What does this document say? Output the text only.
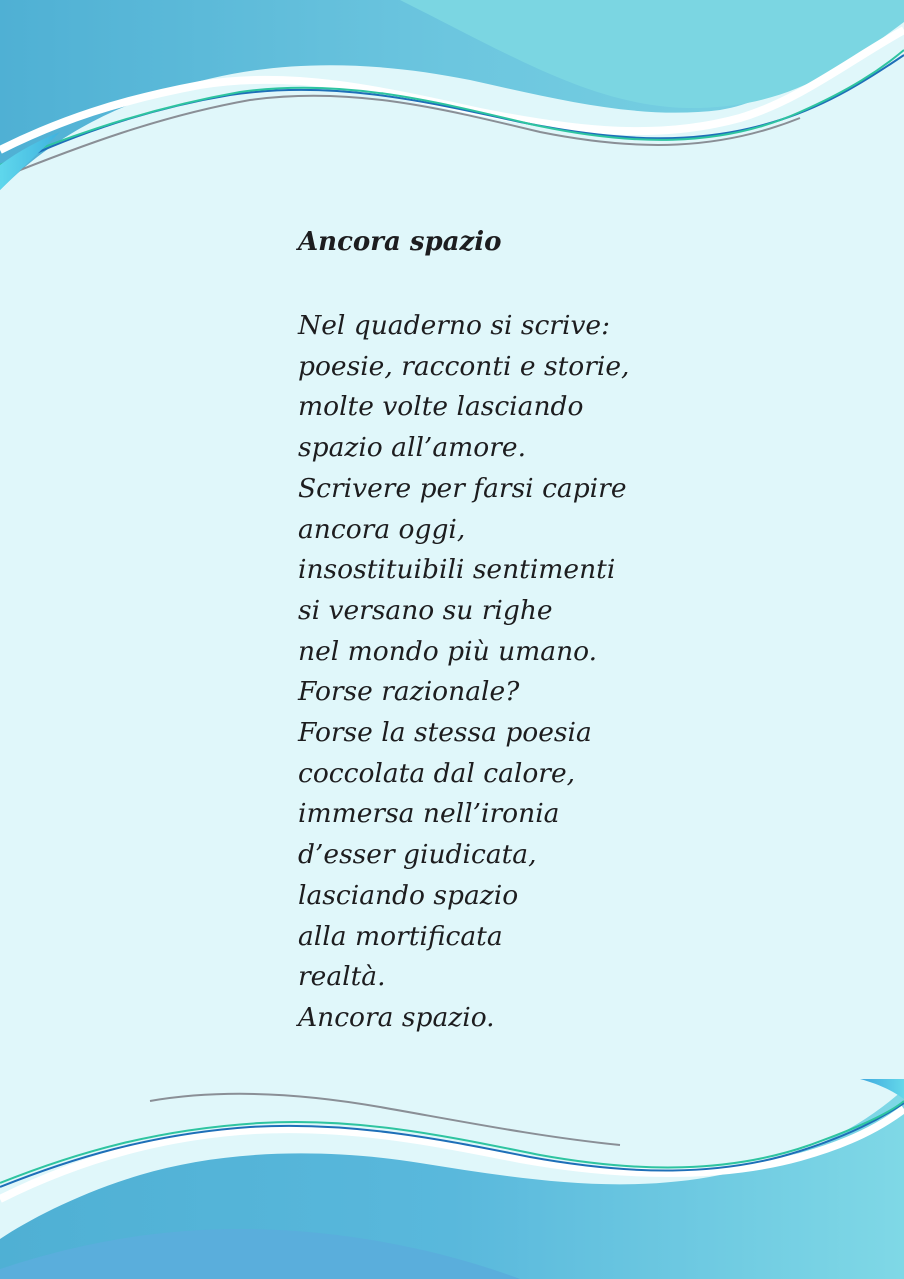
Ancora spazio
Nel quaderno si scrive:
poesie, racconti e storie,
molte volte lasciando
spazio all’amore.
Scrivere per farsi capire
ancora oggi,
insostituibili sentimenti
si versano su righe
nel mondo più umano.
Forse razionale?
Forse la stessa poesia
coccolata dal calore,
immersa nell’ironia
d’esser giudicata,
lasciando spazio
alla mortificata
realtà.
Ancora spazio.
